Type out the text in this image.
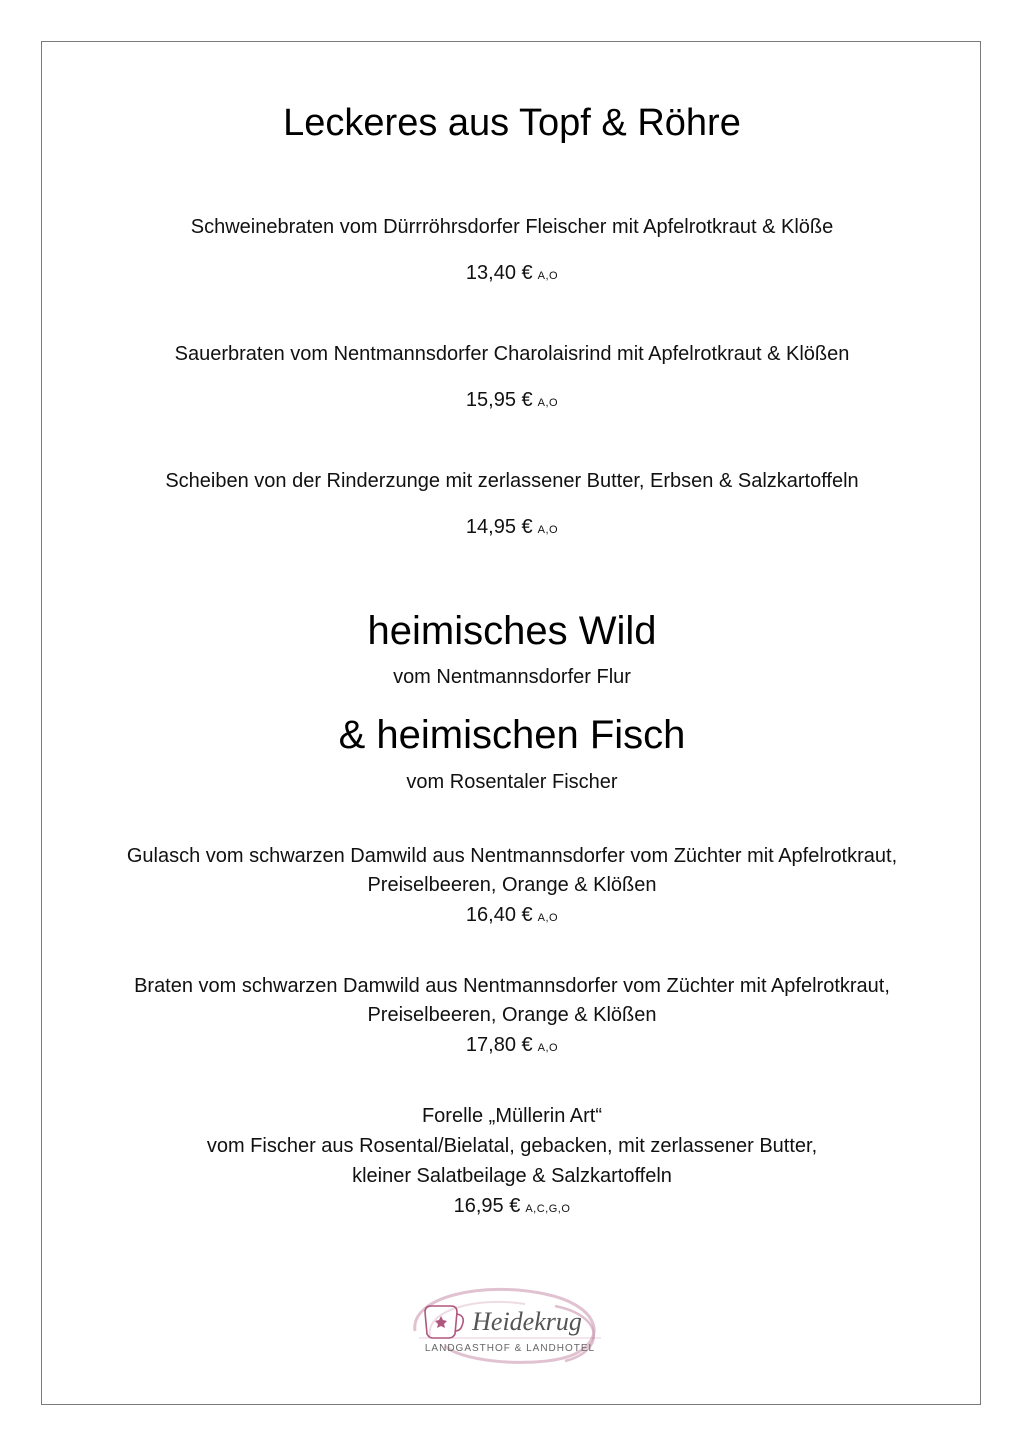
Leckeres aus Topf & Röhre
Schweinebraten vom Dürrröhrsdorfer Fleischer mit Apfelrotkraut & Klöße
13,40 € A,O
Sauerbraten vom Nentmannsdorfer Charolaisrind mit Apfelrotkraut & Klößen
15,95 € A,O
Scheiben von der Rinderzunge mit zerlassener Butter, Erbsen & Salzkartoffeln
14,95 € A,O
heimisches Wild
vom Nentmannsdorfer Flur
& heimischen Fisch
vom Rosentaler Fischer
Gulasch vom schwarzen Damwild aus Nentmannsdorfer vom Züchter mit Apfelrotkraut,
Preiselbeeren, Orange & Klößen
16,40 € A,O
Braten vom schwarzen Damwild aus Nentmannsdorfer vom Züchter mit Apfelrotkraut,
Preiselbeeren, Orange & Klößen
17,80 € A,O
Forelle „Müllerin Art“
vom Fischer aus Rosental/Bielatal, gebacken, mit zerlassener Butter,
kleiner Salatbeilage & Salzkartoffeln
16,95 € A,C,G,O
Heidekrug
LANDGASTHOF & LANDHOTEL
